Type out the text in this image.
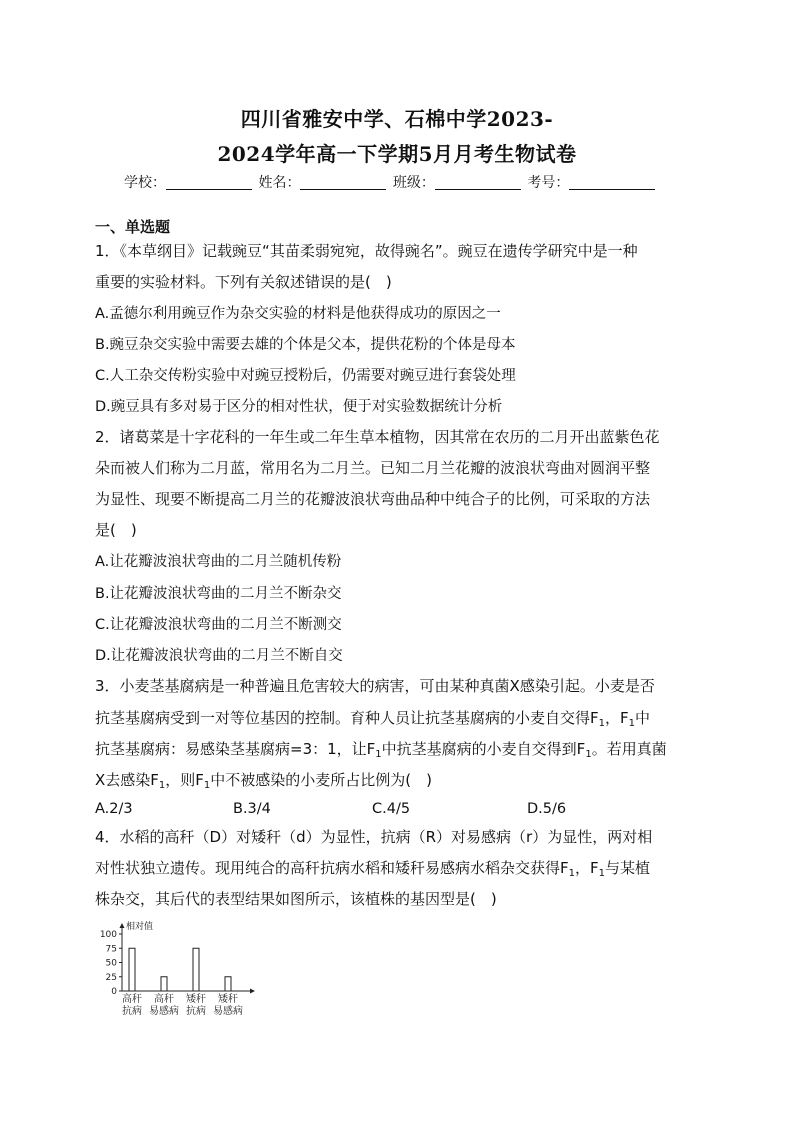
四川省雅安中学、石棉中学2023-
2024学年高一下学期5月月考生物试卷
学校：	姓名：	班级：	考号：
一、单选题
1．《本草纲目》记载豌豆“其苗柔弱宛宛，故得豌名”。豌豆在遗传学研究中是一种
重要的实验材料。下列有关叙述错误的是(　)
A.孟德尔利用豌豆作为杂交实验的材料是他获得成功的原因之一
B.豌豆杂交实验中需要去雄的个体是父本，提供花粉的个体是母本
C.人工杂交传粉实验中对豌豆授粉后，仍需要对豌豆进行套袋处理
D.豌豆具有多对易于区分的相对性状，便于对实验数据统计分析
2．诸葛菜是十字花科的一年生或二年生草本植物，因其常在农历的二月开出蓝紫色花
朵而被人们称为二月蓝，常用名为二月兰。已知二月兰花瓣的波浪状弯曲对圆润平整
为显性、现要不断提高二月兰的花瓣波浪状弯曲品种中纯合子的比例，可采取的方法
是(　)
A.让花瓣波浪状弯曲的二月兰随机传粉
B.让花瓣波浪状弯曲的二月兰不断杂交
C.让花瓣波浪状弯曲的二月兰不断测交
D.让花瓣波浪状弯曲的二月兰不断自交
3．小麦茎基腐病是一种普遍且危害较大的病害，可由某种真菌X感染引起。小麦是否
抗茎基腐病受到一对等位基因的控制。育种人员让抗茎基腐病的小麦自交得$F_1$，$F_1$中
抗茎基腐病：易感染茎基腐病=3：1，让$F_1$中抗茎基腐病的小麦自交得到$F_1$。若用真菌
X去感染$F_1$，则$F_1$中不被感染的小麦所占比例为(　)
A.2/3	B.3/4	C.4/5	D.5/6
4．水稻的高秆（D）对矮秆（d）为显性，抗病（R）对易感病（r）为显性，两对相
对性状独立遗传。现用纯合的高秆抗病水稻和矮秆易感病水稻杂交获得$F_1$，$F_1$与某植
株杂交，其后代的表型结果如图所示，该植株的基因型是(　)
相对值
100
75
50
25
0
高秆
抗病
高秆
易感病
矮秆
抗病
矮秆
易感病
